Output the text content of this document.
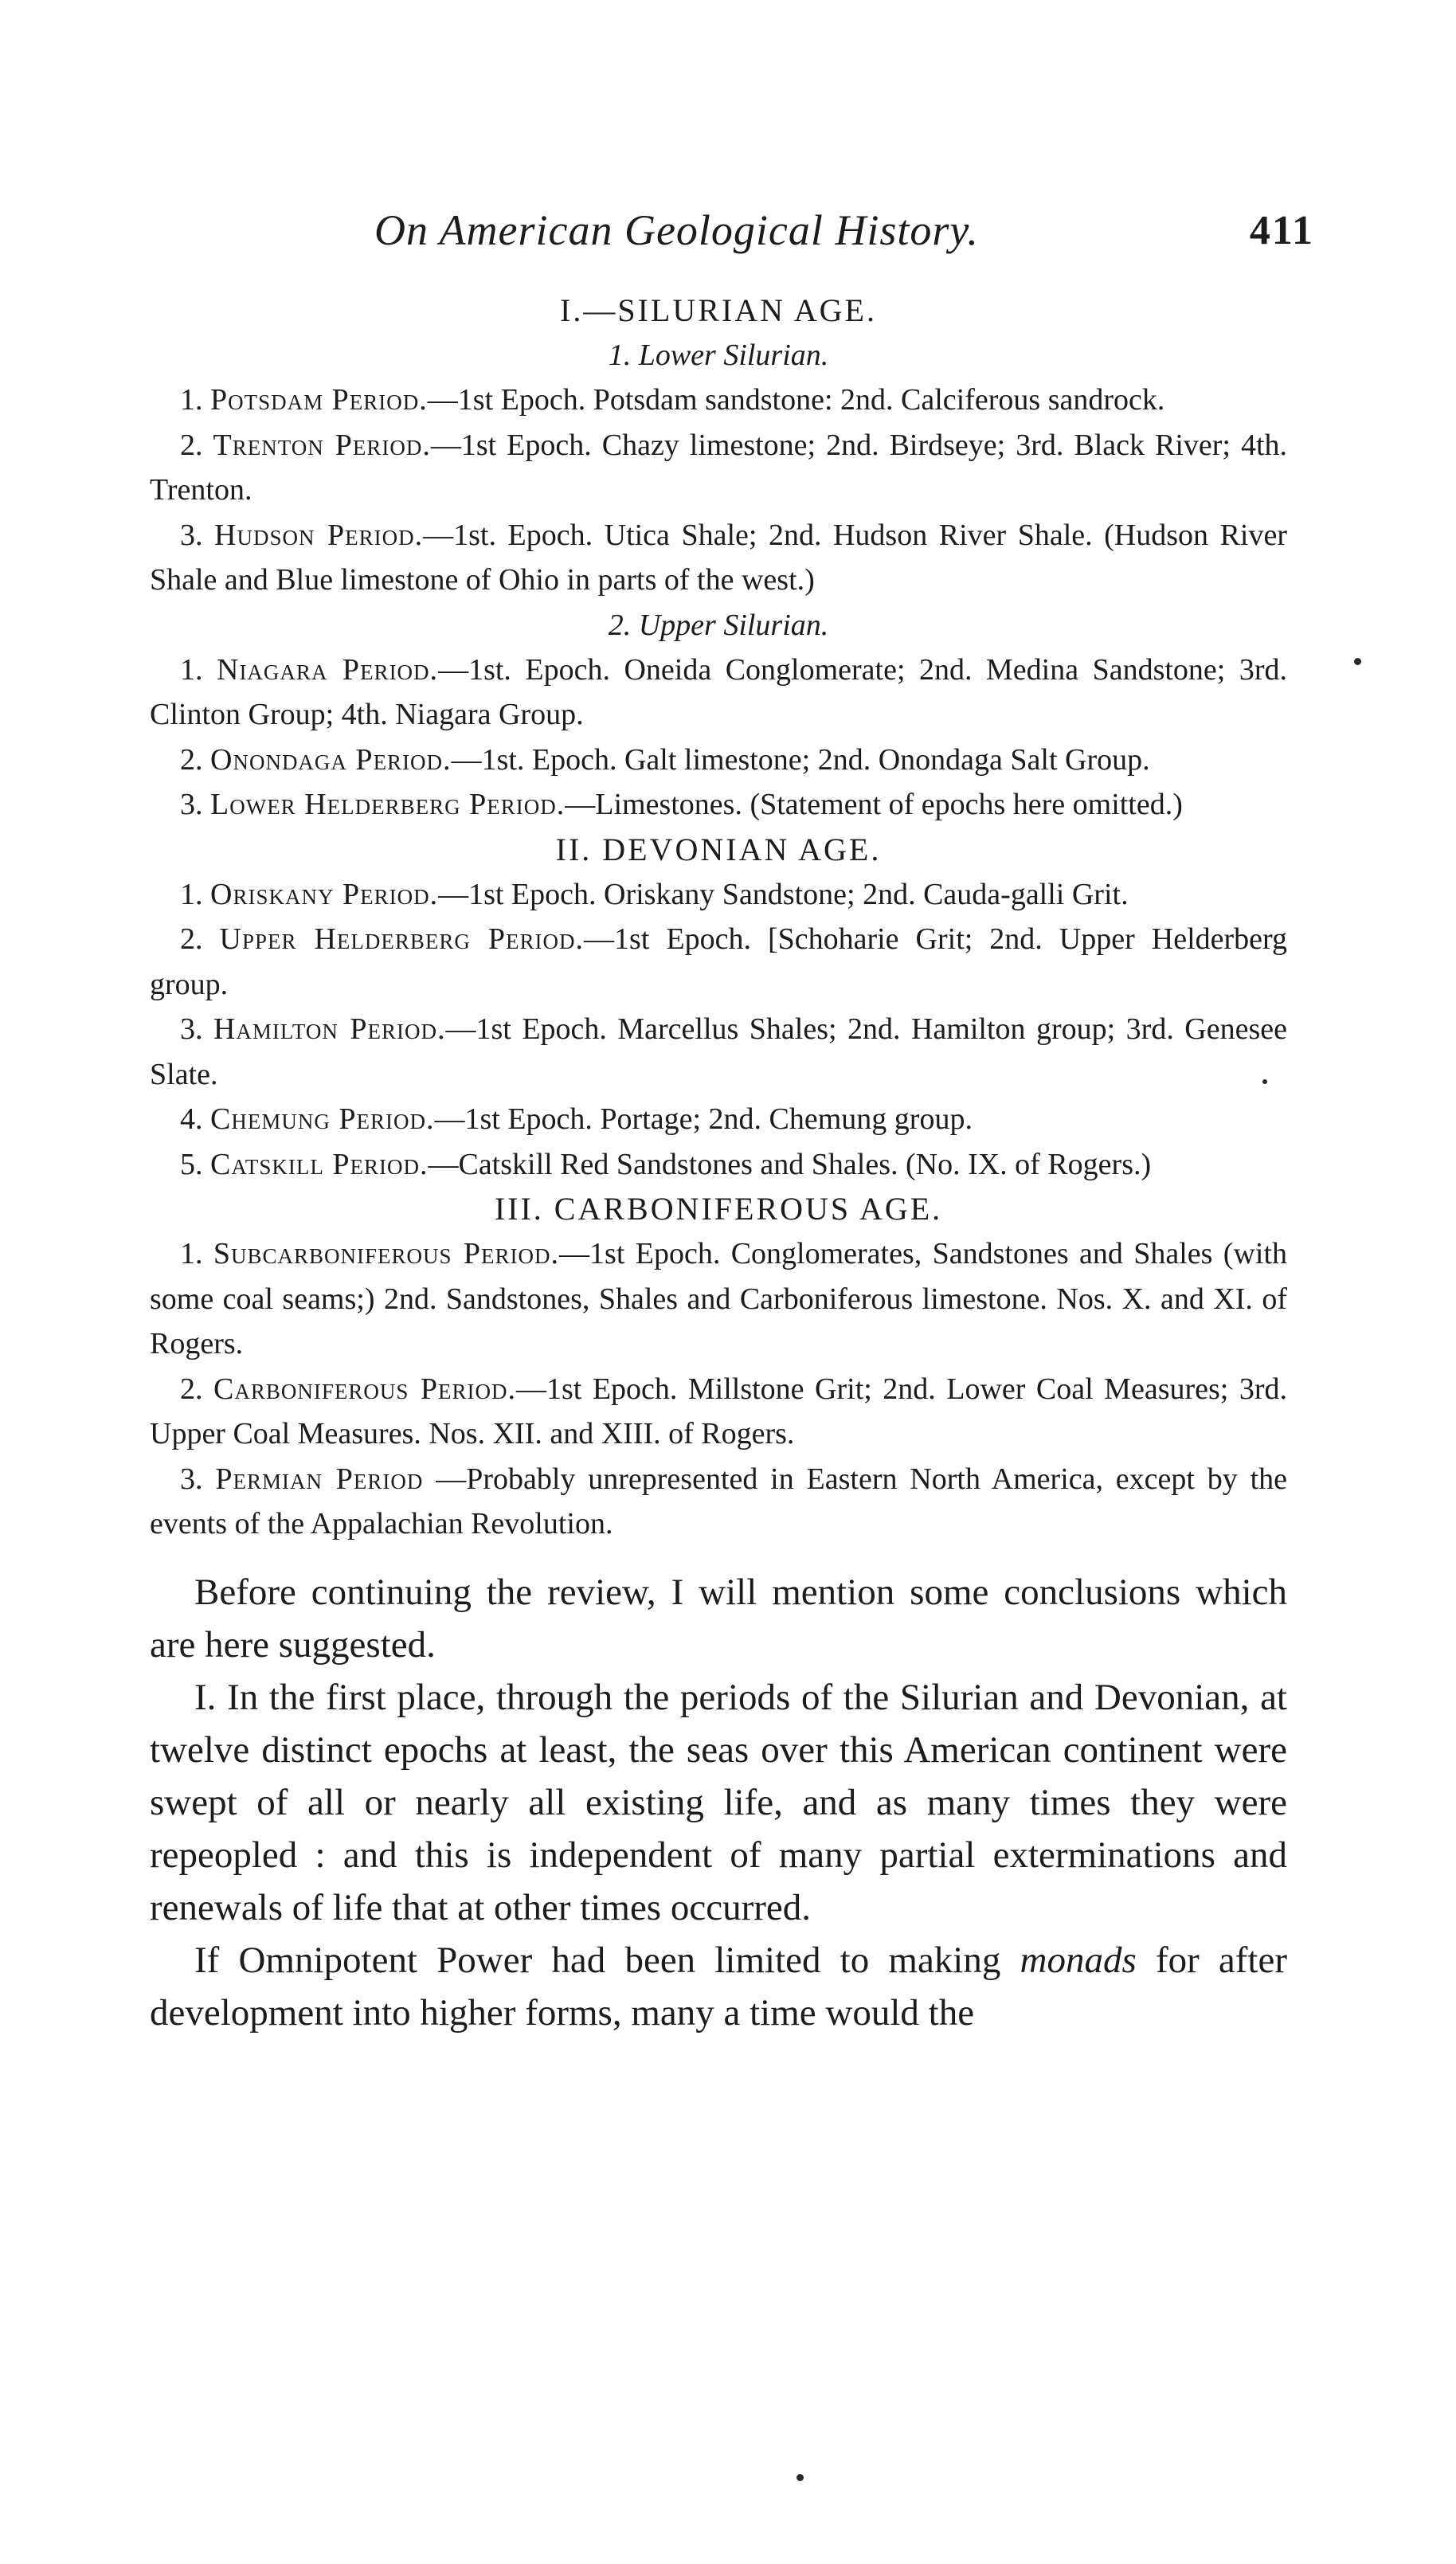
On American Geological History.	411

I.—SILURIAN AGE.

1. Lower Silurian.

1. Potsdam Period.—1st Epoch. Potsdam sandstone: 2nd. Calciferous sandrock.

2. Trenton Period.—1st Epoch. Chazy limestone; 2nd. Birdseye; 3rd. Black River; 4th. Trenton.

3. Hudson Period.—1st. Epoch. Utica Shale; 2nd. Hudson River Shale. (Hudson River Shale and Blue limestone of Ohio in parts of the west.)

2. Upper Silurian.

1. Niagara Period.—1st. Epoch. Oneida Conglomerate; 2nd. Medina Sandstone; 3rd. Clinton Group; 4th. Niagara Group.

2. Onondaga Period.—1st. Epoch. Galt limestone; 2nd. Onondaga Salt Group.

3. Lower Helderberg Period.—Limestones. (Statement of epochs here omitted.)

II. DEVONIAN AGE.

1. Oriskany Period.—1st Epoch. Oriskany Sandstone; 2nd. Cauda-galli Grit.

2. Upper Helderberg Period.—1st Epoch. [Schoharie Grit; 2nd. Upper Helderberg group.

3. Hamilton Period.—1st Epoch. Marcellus Shales; 2nd. Hamilton group; 3rd. Genesee Slate.

4. Chemung Period.—1st Epoch. Portage; 2nd. Chemung group.

5. Catskill Period.—Catskill Red Sandstones and Shales. (No. IX. of Rogers.)

III. CARBONIFEROUS AGE.

1. Subcarboniferous Period.—1st Epoch. Conglomerates, Sandstones and Shales (with some coal seams;) 2nd. Sandstones, Shales and Carboniferous limestone. Nos. X. and XI. of Rogers.

2. Carboniferous Period.—1st Epoch. Millstone Grit; 2nd. Lower Coal Measures; 3rd. Upper Coal Measures. Nos. XII. and XIII. of Rogers.

3. Permian Period —Probably unrepresented in Eastern North America, except by the events of the Appalachian Revolution.

Before continuing the review, I will mention some conclusions which are here suggested.

I. In the first place, through the periods of the Silurian and Devonian, at twelve distinct epochs at least, the seas over this American continent were swept of all or nearly all existing life, and as many times they were repeopled : and this is independent of many partial exterminations and renewals of life that at other times occurred.

If Omnipotent Power had been limited to making monads for after development into higher forms, many a time would the
